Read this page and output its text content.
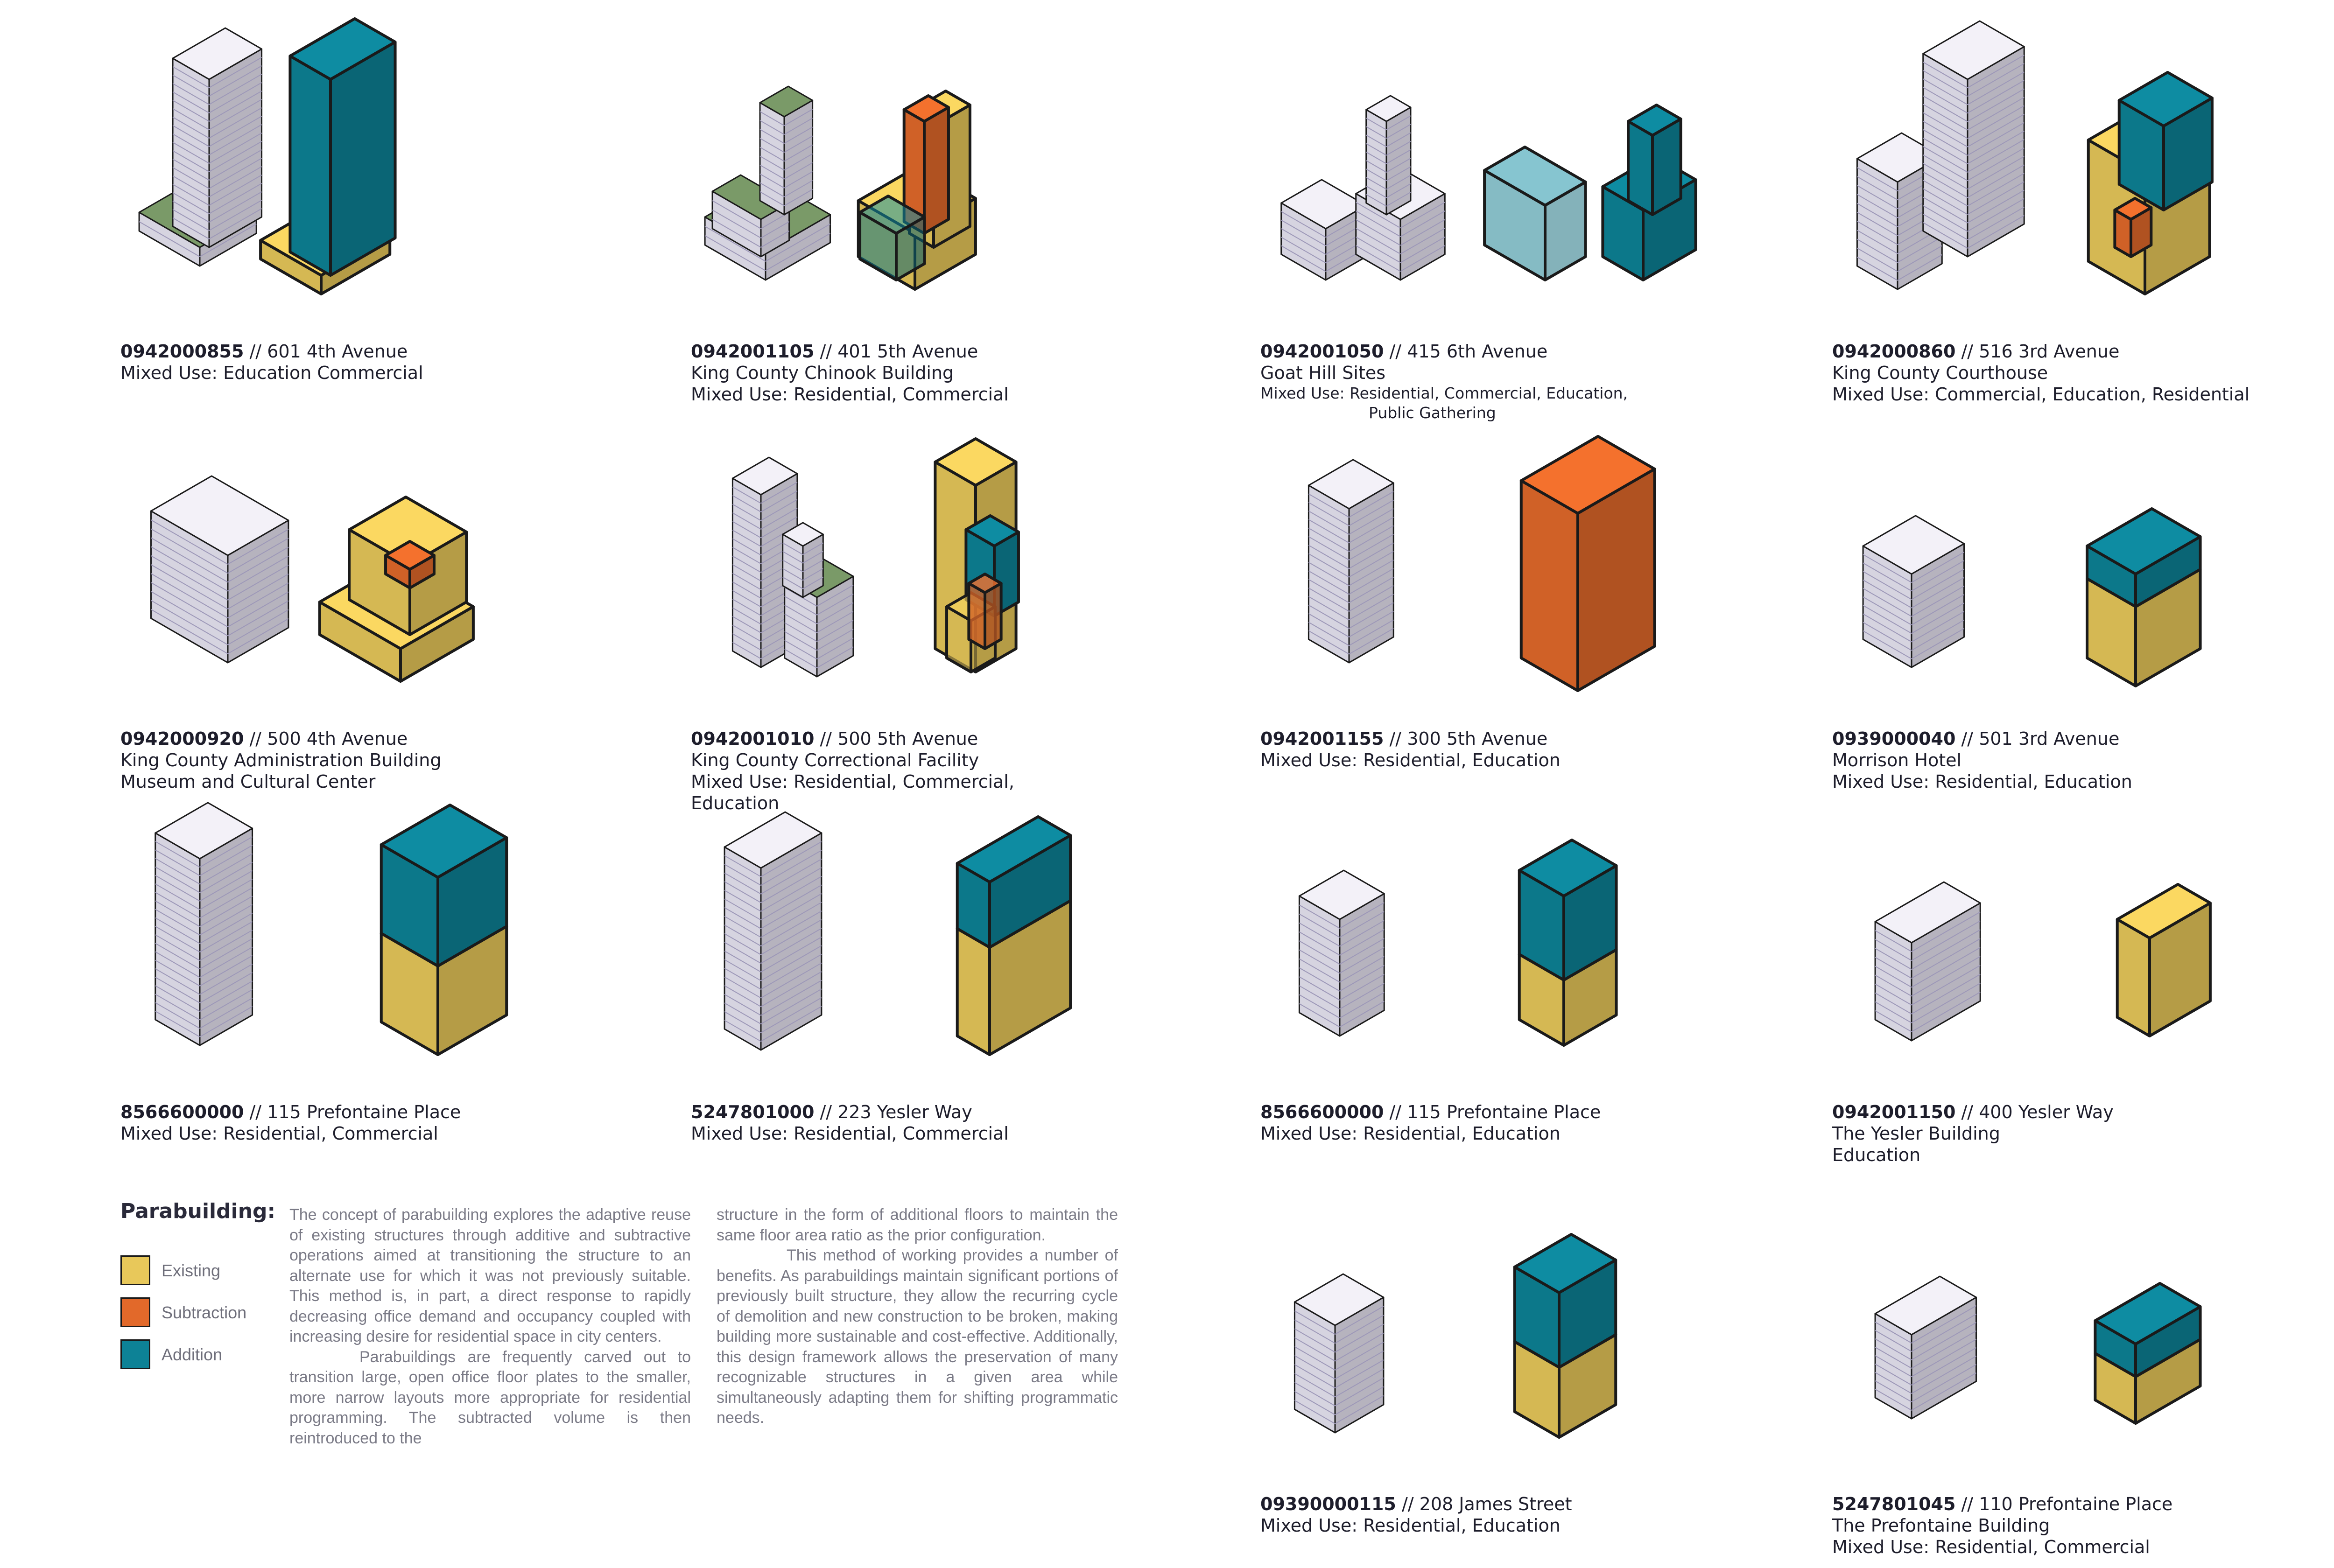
0942000855 // 601 4th Avenue
Mixed Use: Education Commercial
0942001105 // 401 5th Avenue
King County Chinook Building
Mixed Use: Residential, Commercial
0942001050 // 415 6th Avenue
Goat Hill Sites
Mixed Use: Residential, Commercial, Education,
Public Gathering
0942000860 // 516 3rd Avenue
King County Courthouse
Mixed Use: Commercial, Education, Residential
0942000920 // 500 4th Avenue
King County Administration Building
Museum and Cultural Center
0942001010 // 500 5th Avenue
King County Correctional Facility
Mixed Use: Residential, Commercial,
Education
0942001155 // 300 5th Avenue
Mixed Use: Residential, Education
0939000040 // 501 3rd Avenue
Morrison Hotel
Mixed Use: Residential, Education
8566600000 // 115 Prefontaine Place
Mixed Use: Residential, Commercial
5247801000 // 223 Yesler Way
Mixed Use: Residential, Commercial
8566600000 // 115 Prefontaine Place
Mixed Use: Residential, Education
0942001150 // 400 Yesler Way
The Yesler Building
Education
09390000115 // 208 James Street
Mixed Use: Residential, Education
5247801045 // 110 Prefontaine Place
The Prefontaine Building
Mixed Use: Residential, Commercial
Parabuilding:
Existing
Subtraction
Addition
The concept of parabuilding explores the adaptive reuse of existing structures through additive and subtractive operations aimed at transitioning the structure to an alternate use for which it was not previously suitable. This method is, in part, a direct response to rapidly decreasing office demand and occupancy coupled with increasing desire for residential space in city centers.
Parabuildings are frequently carved out to transition large, open office floor plates to the smaller, more narrow layouts more appropriate for residential programming. The subtracted volume is then reintroduced to the
structure in the form of additional floors to maintain the same floor area ratio as the prior configuration.
This method of working provides a number of benefits. As parabuildings maintain significant portions of previously built structure, they allow the recurring cycle of demolition and new construction to be broken, making building more sustainable and cost-effective. Additionally, this design framework allows the preservation of many recognizable structures in a given area while simultaneously adapting them for shifting programmatic needs.
